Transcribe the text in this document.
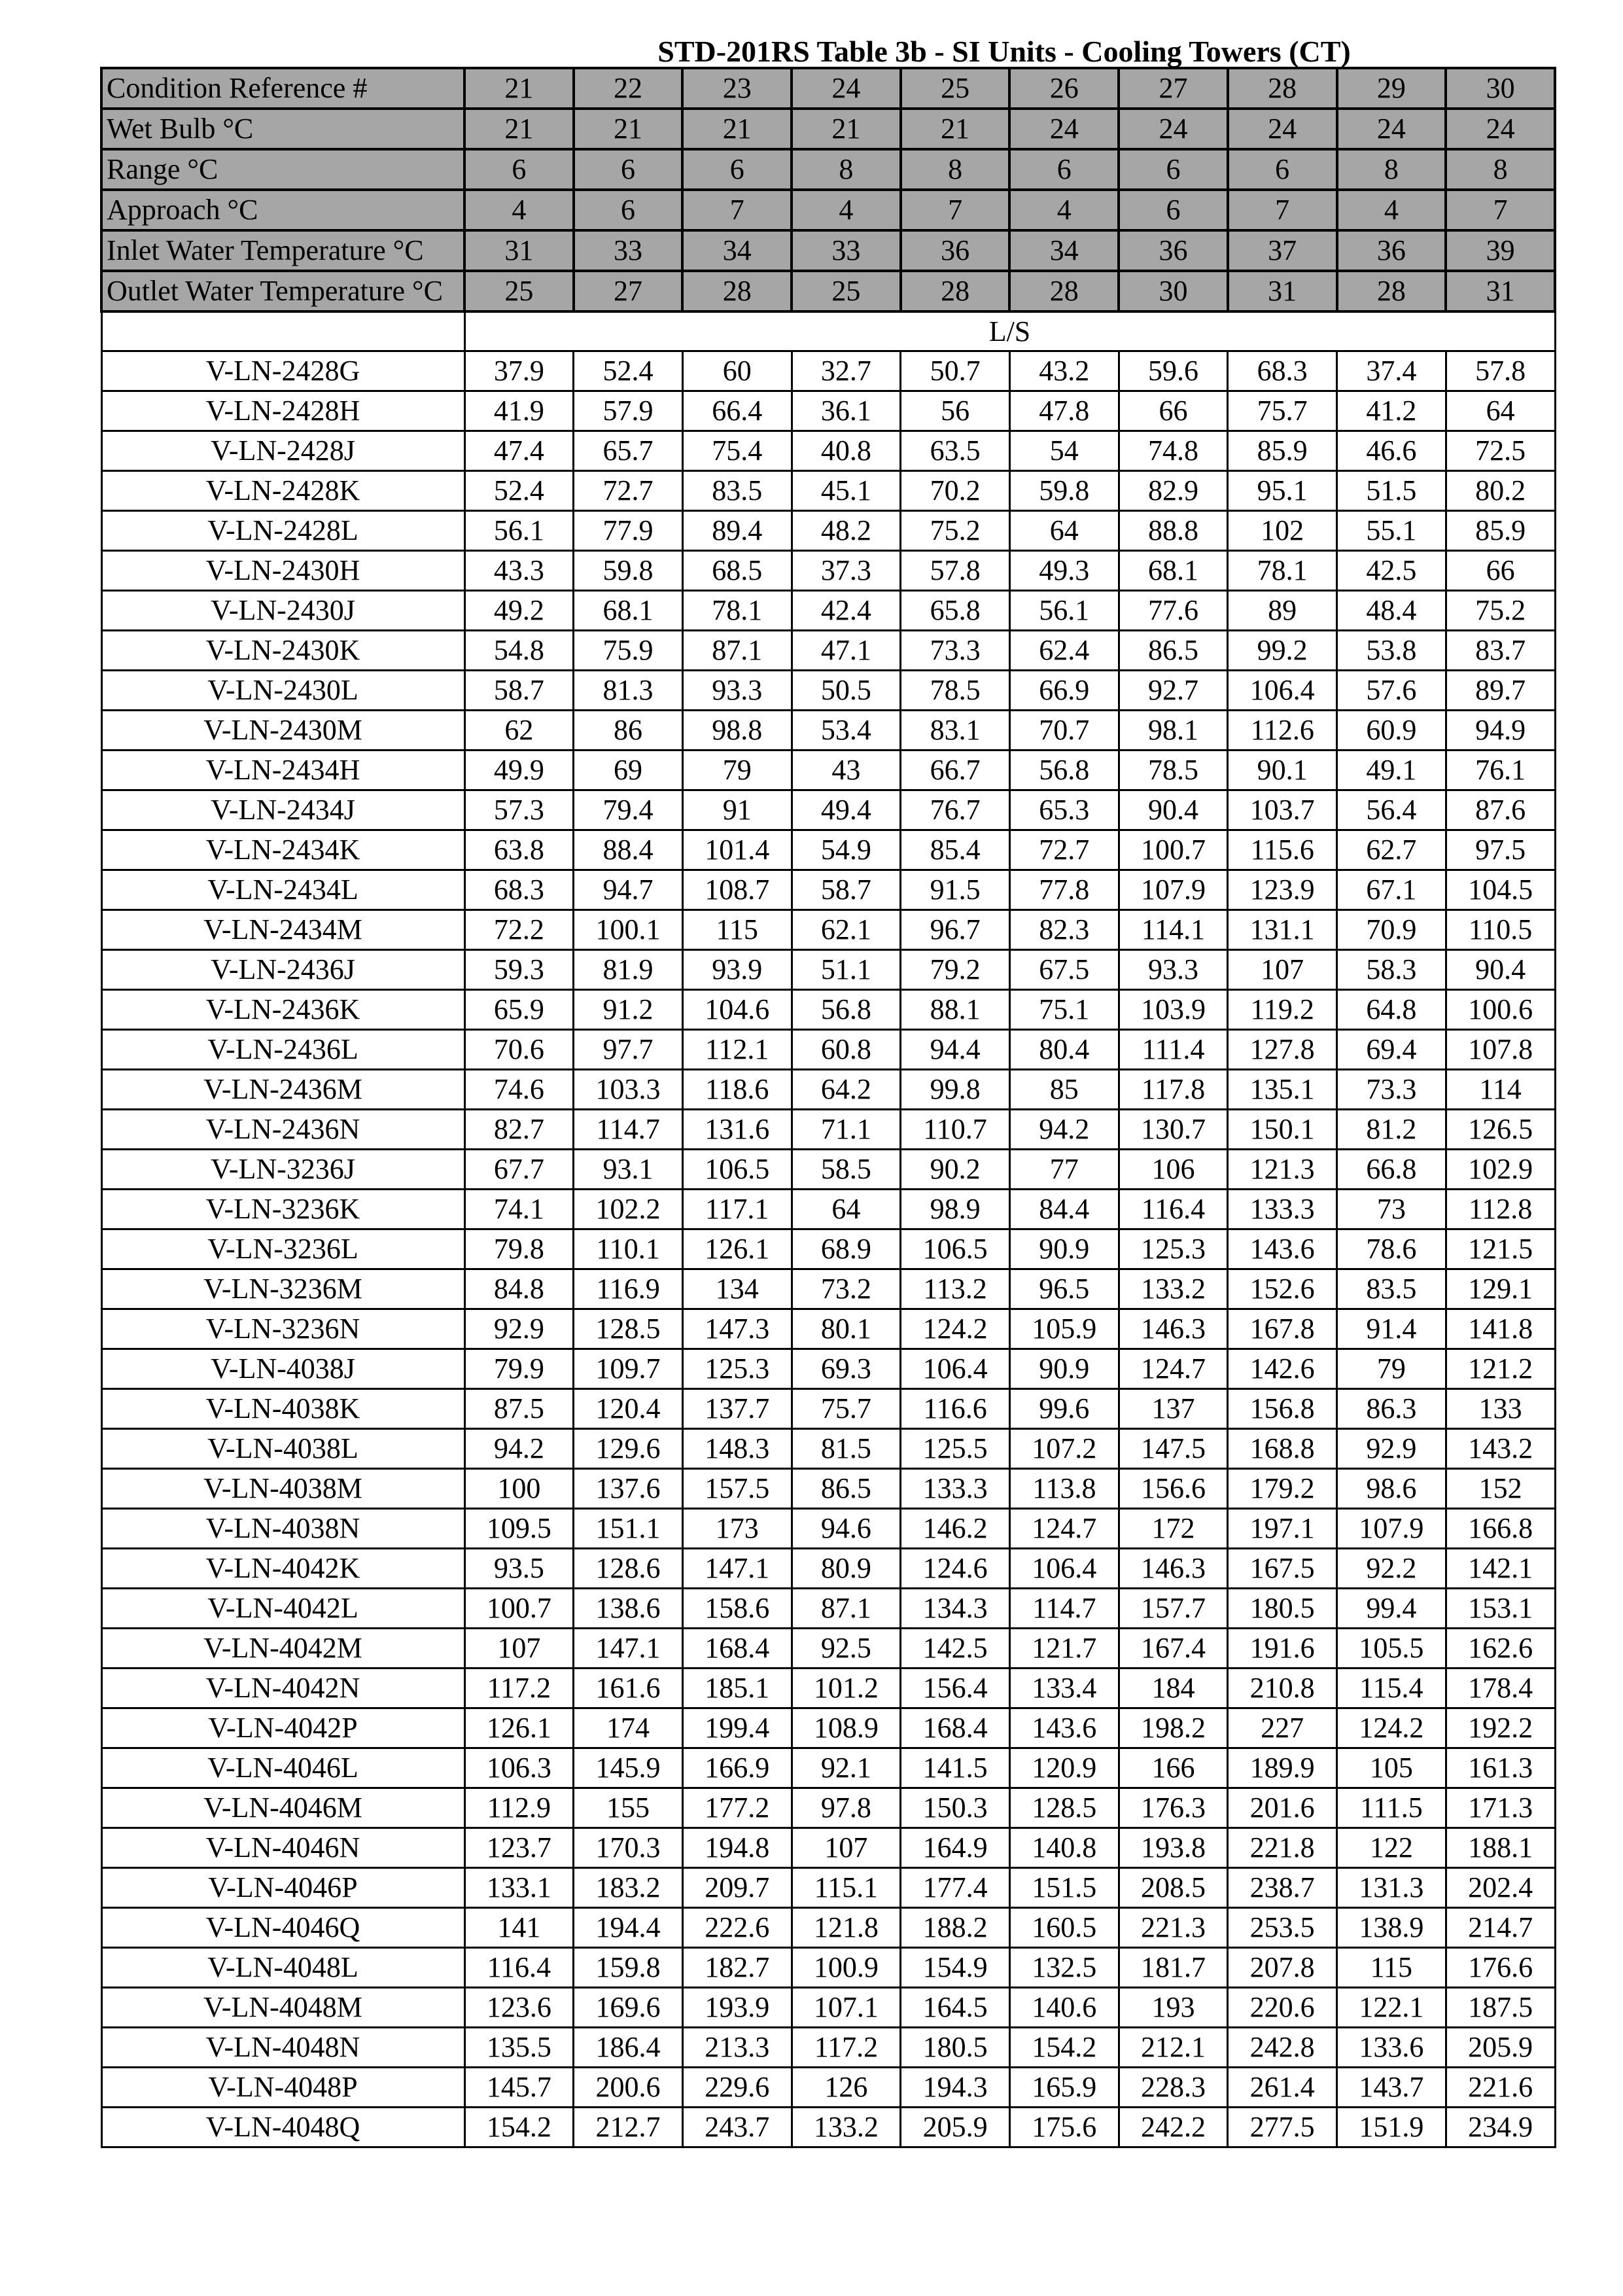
STD-201RS Table 3b - SI Units - Cooling Towers (CT)
Condition Reference #	21	22	23	24	25	26	27	28	29	30
Wet Bulb °C	21	21	21	21	21	24	24	24	24	24
Range °C	6	6	6	8	8	6	6	6	8	8
Approach °C	4	6	7	4	7	4	6	7	4	7
Inlet Water Temperature °C	31	33	34	33	36	34	36	37	36	39
Outlet Water Temperature °C	25	27	28	25	28	28	30	31	28	31
	L/S									
V-LN-2428G	37.9	52.4	60	32.7	50.7	43.2	59.6	68.3	37.4	57.8
V-LN-2428H	41.9	57.9	66.4	36.1	56	47.8	66	75.7	41.2	64
V-LN-2428J	47.4	65.7	75.4	40.8	63.5	54	74.8	85.9	46.6	72.5
V-LN-2428K	52.4	72.7	83.5	45.1	70.2	59.8	82.9	95.1	51.5	80.2
V-LN-2428L	56.1	77.9	89.4	48.2	75.2	64	88.8	102	55.1	85.9
V-LN-2430H	43.3	59.8	68.5	37.3	57.8	49.3	68.1	78.1	42.5	66
V-LN-2430J	49.2	68.1	78.1	42.4	65.8	56.1	77.6	89	48.4	75.2
V-LN-2430K	54.8	75.9	87.1	47.1	73.3	62.4	86.5	99.2	53.8	83.7
V-LN-2430L	58.7	81.3	93.3	50.5	78.5	66.9	92.7	106.4	57.6	89.7
V-LN-2430M	62	86	98.8	53.4	83.1	70.7	98.1	112.6	60.9	94.9
V-LN-2434H	49.9	69	79	43	66.7	56.8	78.5	90.1	49.1	76.1
V-LN-2434J	57.3	79.4	91	49.4	76.7	65.3	90.4	103.7	56.4	87.6
V-LN-2434K	63.8	88.4	101.4	54.9	85.4	72.7	100.7	115.6	62.7	97.5
V-LN-2434L	68.3	94.7	108.7	58.7	91.5	77.8	107.9	123.9	67.1	104.5
V-LN-2434M	72.2	100.1	115	62.1	96.7	82.3	114.1	131.1	70.9	110.5
V-LN-2436J	59.3	81.9	93.9	51.1	79.2	67.5	93.3	107	58.3	90.4
V-LN-2436K	65.9	91.2	104.6	56.8	88.1	75.1	103.9	119.2	64.8	100.6
V-LN-2436L	70.6	97.7	112.1	60.8	94.4	80.4	111.4	127.8	69.4	107.8
V-LN-2436M	74.6	103.3	118.6	64.2	99.8	85	117.8	135.1	73.3	114
V-LN-2436N	82.7	114.7	131.6	71.1	110.7	94.2	130.7	150.1	81.2	126.5
V-LN-3236J	67.7	93.1	106.5	58.5	90.2	77	106	121.3	66.8	102.9
V-LN-3236K	74.1	102.2	117.1	64	98.9	84.4	116.4	133.3	73	112.8
V-LN-3236L	79.8	110.1	126.1	68.9	106.5	90.9	125.3	143.6	78.6	121.5
V-LN-3236M	84.8	116.9	134	73.2	113.2	96.5	133.2	152.6	83.5	129.1
V-LN-3236N	92.9	128.5	147.3	80.1	124.2	105.9	146.3	167.8	91.4	141.8
V-LN-4038J	79.9	109.7	125.3	69.3	106.4	90.9	124.7	142.6	79	121.2
V-LN-4038K	87.5	120.4	137.7	75.7	116.6	99.6	137	156.8	86.3	133
V-LN-4038L	94.2	129.6	148.3	81.5	125.5	107.2	147.5	168.8	92.9	143.2
V-LN-4038M	100	137.6	157.5	86.5	133.3	113.8	156.6	179.2	98.6	152
V-LN-4038N	109.5	151.1	173	94.6	146.2	124.7	172	197.1	107.9	166.8
V-LN-4042K	93.5	128.6	147.1	80.9	124.6	106.4	146.3	167.5	92.2	142.1
V-LN-4042L	100.7	138.6	158.6	87.1	134.3	114.7	157.7	180.5	99.4	153.1
V-LN-4042M	107	147.1	168.4	92.5	142.5	121.7	167.4	191.6	105.5	162.6
V-LN-4042N	117.2	161.6	185.1	101.2	156.4	133.4	184	210.8	115.4	178.4
V-LN-4042P	126.1	174	199.4	108.9	168.4	143.6	198.2	227	124.2	192.2
V-LN-4046L	106.3	145.9	166.9	92.1	141.5	120.9	166	189.9	105	161.3
V-LN-4046M	112.9	155	177.2	97.8	150.3	128.5	176.3	201.6	111.5	171.3
V-LN-4046N	123.7	170.3	194.8	107	164.9	140.8	193.8	221.8	122	188.1
V-LN-4046P	133.1	183.2	209.7	115.1	177.4	151.5	208.5	238.7	131.3	202.4
V-LN-4046Q	141	194.4	222.6	121.8	188.2	160.5	221.3	253.5	138.9	214.7
V-LN-4048L	116.4	159.8	182.7	100.9	154.9	132.5	181.7	207.8	115	176.6
V-LN-4048M	123.6	169.6	193.9	107.1	164.5	140.6	193	220.6	122.1	187.5
V-LN-4048N	135.5	186.4	213.3	117.2	180.5	154.2	212.1	242.8	133.6	205.9
V-LN-4048P	145.7	200.6	229.6	126	194.3	165.9	228.3	261.4	143.7	221.6
V-LN-4048Q	154.2	212.7	243.7	133.2	205.9	175.6	242.2	277.5	151.9	234.9
